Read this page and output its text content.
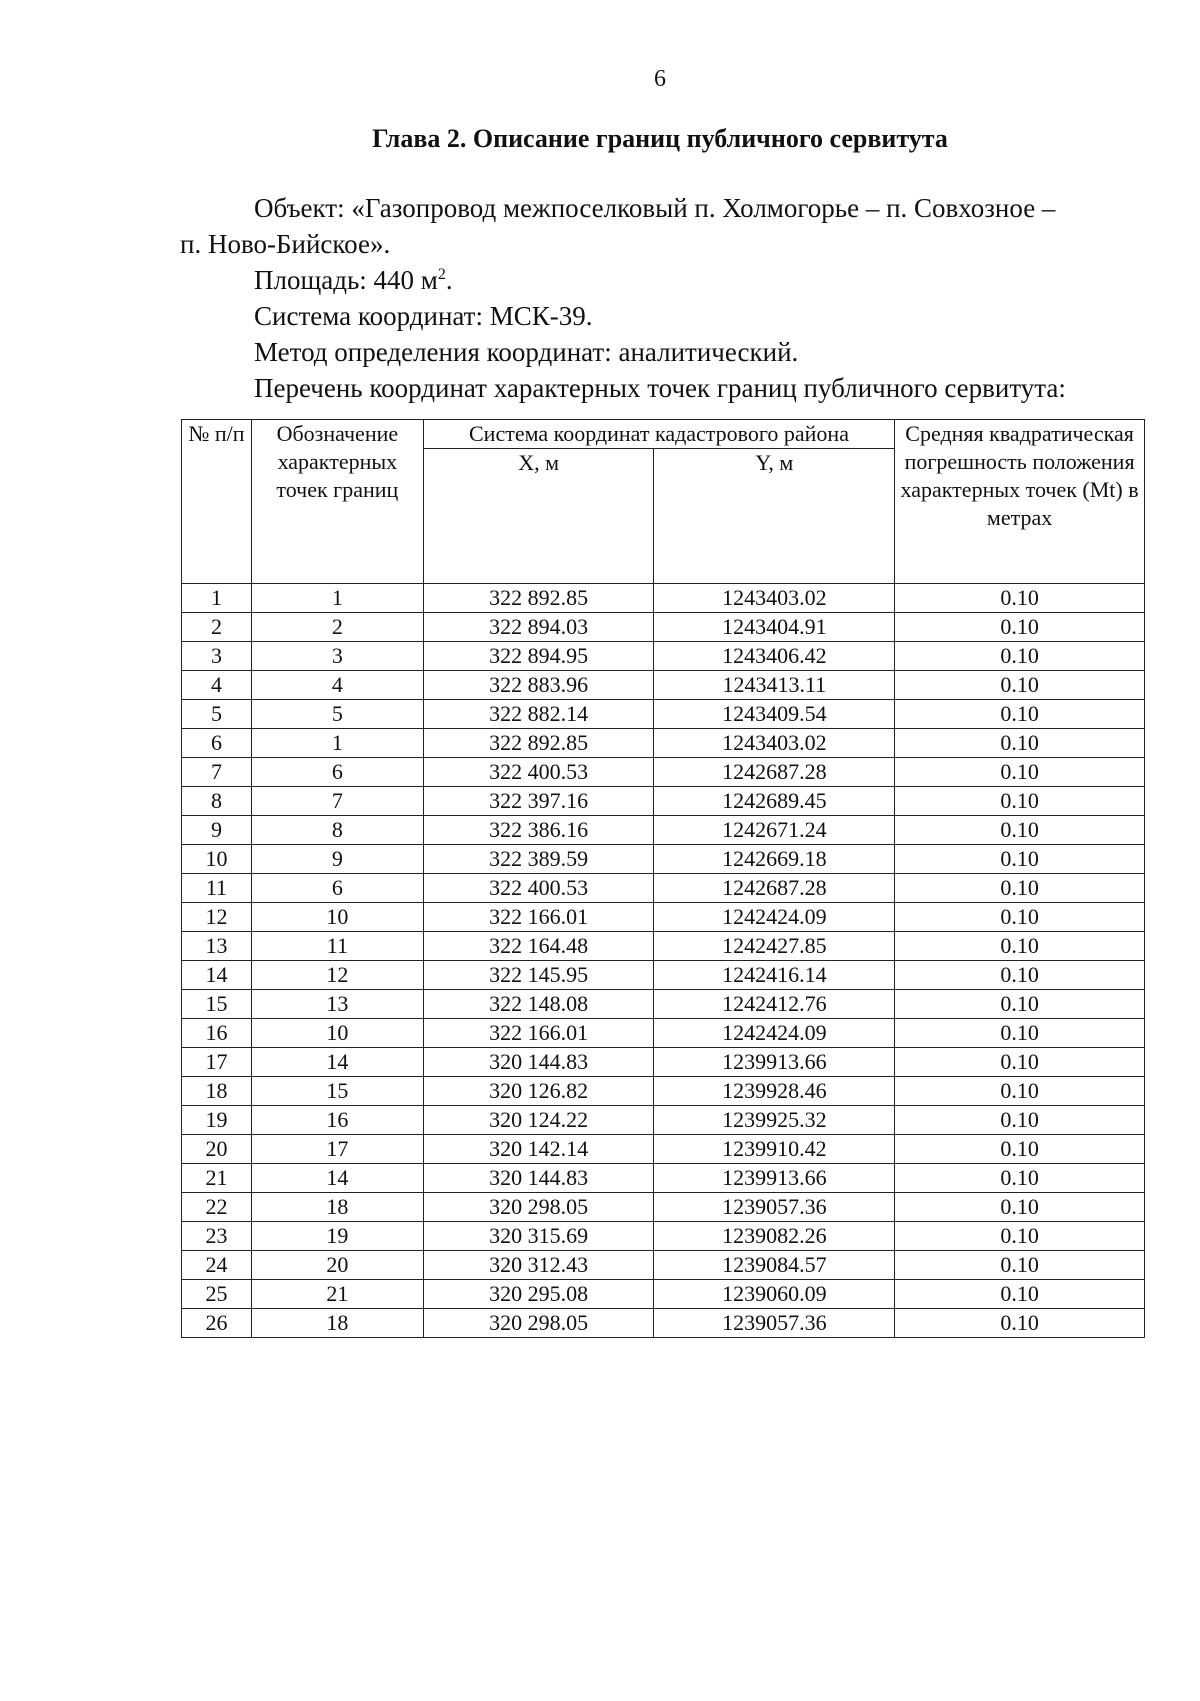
6
Глава 2. Описание границ публичного сервитута

Объект: «Газопровод межпоселковый п. Холмогорье – п. Совхозное –

п. Ново-Бийское».

Площадь: 440 $м^2$.

Система координат: МСК-39.

Метод определения координат: аналитический.

Перечень координат характерных точек границ публичного сервитута:

№ п/п	Обозначение характерных точек границ	Система координат кадастрового района		Средняя квадратическая погрешность положения характерных точек (Mt) в метрах
		X, м	Y, м	
1	1	322 892.85	1243403.02	0.10
2	2	322 894.03	1243404.91	0.10
3	3	322 894.95	1243406.42	0.10
4	4	322 883.96	1243413.11	0.10
5	5	322 882.14	1243409.54	0.10
6	1	322 892.85	1243403.02	0.10
7	6	322 400.53	1242687.28	0.10
8	7	322 397.16	1242689.45	0.10
9	8	322 386.16	1242671.24	0.10
10	9	322 389.59	1242669.18	0.10
11	6	322 400.53	1242687.28	0.10
12	10	322 166.01	1242424.09	0.10
13	11	322 164.48	1242427.85	0.10
14	12	322 145.95	1242416.14	0.10
15	13	322 148.08	1242412.76	0.10
16	10	322 166.01	1242424.09	0.10
17	14	320 144.83	1239913.66	0.10
18	15	320 126.82	1239928.46	0.10
19	16	320 124.22	1239925.32	0.10
20	17	320 142.14	1239910.42	0.10
21	14	320 144.83	1239913.66	0.10
22	18	320 298.05	1239057.36	0.10
23	19	320 315.69	1239082.26	0.10
24	20	320 312.43	1239084.57	0.10
25	21	320 295.08	1239060.09	0.10
26	18	320 298.05	1239057.36	0.10
